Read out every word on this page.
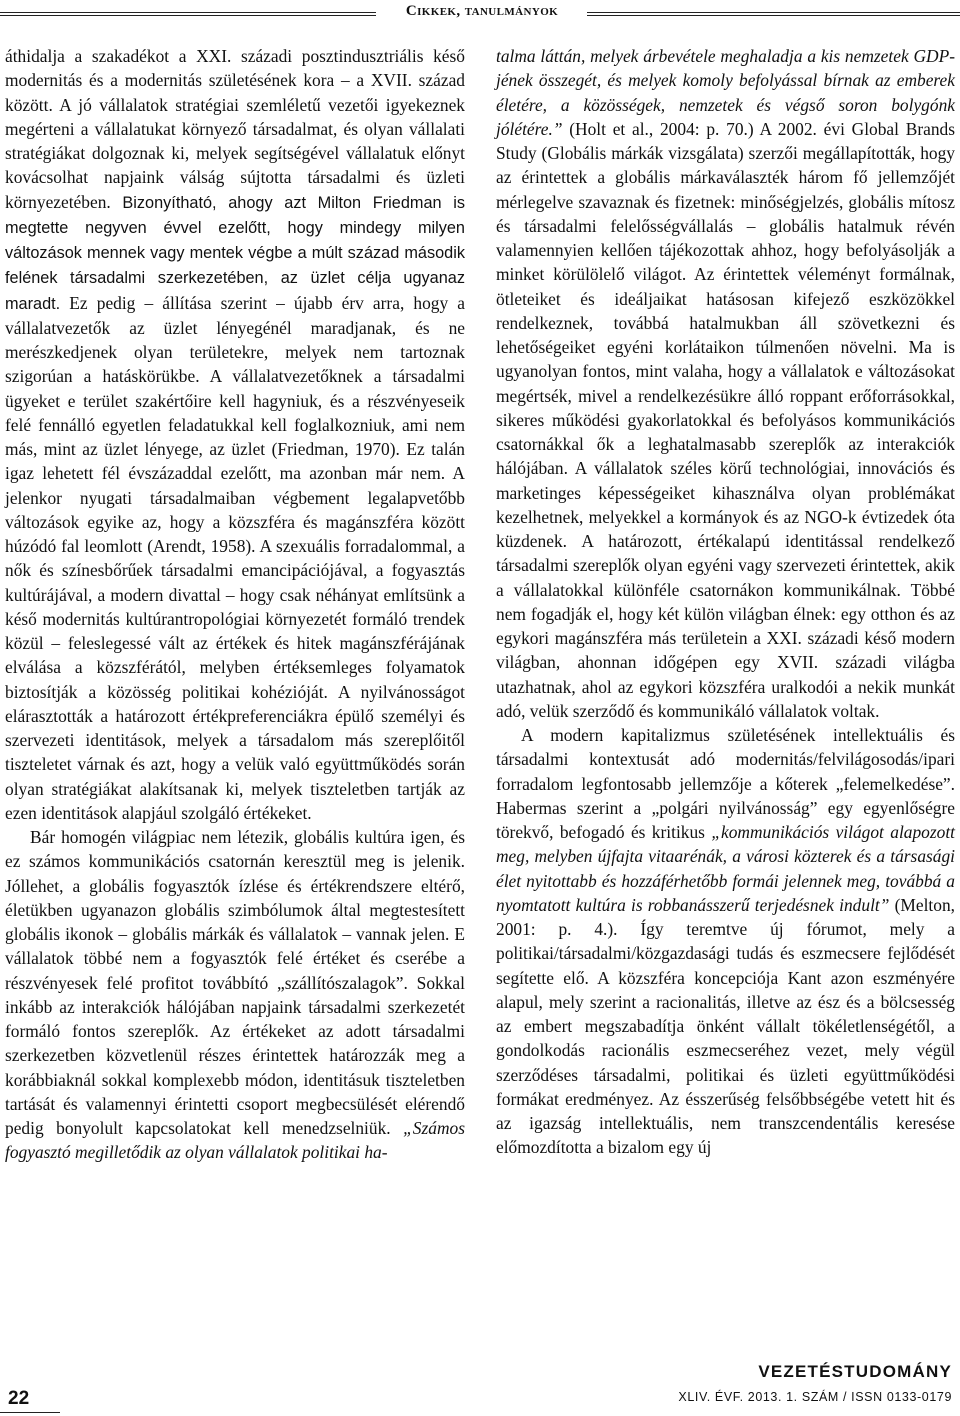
Cikkek, tanulmányok

áthidalja a szakadékot a XXI. századi posztindusztriális késő modernitás és a modernitás születésének kora – a XVII. század között. A jó vállalatok stratégiai szemléletű vezetői igyekeznek megérteni a vállalatukat környező társadalmat, és olyan vállalati stratégiákat dolgoznak ki, melyek segítségével vállalatuk előnyt kovácsolhat napjaink válság sújtotta társadalmi és üzleti környezetében. Bizonyítható, ahogy azt Milton Friedman is megtette negyven évvel ezelőtt, hogy mindegy milyen változások mennek vagy mentek végbe a múlt század második felének társadalmi szerkezetében, az üzlet célja ugyanaz maradt. Ez pedig – állítása szerint – újabb érv arra, hogy a vállalatvezetők az üzlet lényegénél maradjanak, és ne merészkedjenek olyan területekre, melyek nem tartoznak szigorúan a hatáskörükbe. A vállalatvezetőknek a társadalmi ügyeket e terület szakértőire kell hagyniuk, és a részvényeseik felé fennálló egyetlen feladatukkal kell foglalkozniuk, ami nem más, mint az üzlet lényege, az üzlet (Friedman, 1970). Ez talán igaz lehetett fél évszázaddal ezelőtt, ma azonban már nem. A jelenkor nyugati társadalmaiban végbement legalapvetőbb változások egyike az, hogy a közszféra és magánszféra között húzódó fal leomlott (Arendt, 1958). A szexuális forradalommal, a nők és színesbőrűek társadalmi emancipációjával, a fogyasztás kultúrájával, a modern divattal – hogy csak néhányat említsünk a késő modernitás kultúrantropológiai környezetét formáló trendek közül – feleslegessé vált az értékek és hitek magánszférájának elválása a közszférától, melyben értéksemleges folyamatok biztosítják a közösség politikai kohézióját. A nyilvánosságot elárasztották a határozott értékpreferenciákra épülő személyi és szervezeti identitások, melyek a társadalom más szereplőitől tiszteletet várnak és azt, hogy a velük való együttműködés során olyan stratégiákat alakítsanak ki, melyek tiszteletben tartják az ezen identitások alapjául szolgáló értékeket.

Bár homogén világpiac nem létezik, globális kultúra igen, és ez számos kommunikációs csatornán keresztül meg is jelenik. Jóllehet, a globális fogyasztók ízlése és értékrendszere eltérő, életükben ugyanazon globális szimbólumok által megtestesített globális ikonok – globális márkák és vállalatok – vannak jelen. E vállalatok többé nem a fogyasztók felé értéket és cserébe a részvényesek felé profitot továbbító „szállítószalagok”. Sokkal inkább az interakciók hálójában napjaink társadalmi szerkezetét formáló fontos szereplők. Az értékeket az adott társadalmi szerkezetben közvetlenül részes érintettek határozzák meg a korábbiaknál sokkal komplexebb módon, identitásuk tiszteletben tartását és valamennyi érintetti csoport megbecsülését elérendő pedig bonyolult kapcsolatokat kell menedzselniük. „Számos fogyasztó megilletődik az olyan vállalatok politikai ha-

talma láttán, melyek árbevétele meghaladja a kis nemzetek GDP-jének összegét, és melyek komoly befolyással bírnak az emberek életére, a közösségek, nemzetek és végső soron bolygónk jólétére.” (Holt et al., 2004: p. 70.) A 2002. évi Global Brands Study (Globális márkák vizsgálata) szerzői megállapították, hogy az érintettek a globális márkaválaszték három fő jellemzőjét mérlegelve szavaznak és fizetnek: minőségjelzés, globális mítosz és társadalmi felelősségvállalás – globális hatalmuk révén valamennyien kellően tájékozottak ahhoz, hogy befolyásolják a minket körülölelő világot. Az érintettek véleményt formálnak, ötleteiket és ideáljaikat hatásosan kifejező eszközökkel rendelkeznek, továbbá hatalmukban áll szövetkezni és lehetőségeiket egyéni korlátaikon túlmenően növelni. Ma is ugyanolyan fontos, mint valaha, hogy a vállalatok e változásokat megértsék, mivel a rendelkezésükre álló roppant erőforrásokkal, sikeres működési gyakorlatokkal és befolyásos kommunikációs csatornákkal ők a leghatalmasabb szereplők az interakciók hálójában. A vállalatok széles körű technológiai, innovációs és marketinges képességeiket kihasználva olyan problémákat kezelhetnek, melyekkel a kormányok és az NGO-k évtizedek óta küzdenek. A határozott, értékalapú identitással rendelkező társadalmi szereplők olyan egyéni vagy szervezeti érintettek, akik a vállalatokkal különféle csatornákon kommunikálnak. Többé nem fogadják el, hogy két külön világban élnek: egy otthon és az egykori magánszféra más területein a XXI. századi késő modern világban, ahonnan időgépen egy XVII. századi világba utazhatnak, ahol az egykori közszféra uralkodói a nekik munkát adó, velük szerződő és kommunikáló vállalatok voltak.

A modern kapitalizmus születésének intellektuális és társadalmi kontextusát adó modernitás/felvilágosodás/ipari forradalom legfontosabb jellemzője a kőterek „felemelkedése”. Habermas szerint a „polgári nyilvánosság” egy egyenlőségre törekvő, befogadó és kritikus „kommunikációs világot alapozott meg, melyben újfajta vitaarénák, a városi közterek és a társasági élet nyitottabb és hozzáférhetőbb formái jelennek meg, továbbá a nyomtatott kultúra is robbanásszerű terjedésnek indult” (Melton, 2001: p. 4.). Így teremtve új fórumot, mely a politikai/társadalmi/közgazdasági tudás és eszmecsere fejlődését segítette elő. A közszféra koncepciója Kant azon eszményére alapul, mely szerint a racionalitás, illetve az ész és a bölcsesség az embert megszabadítja önként vállalt tökéletlenségétől, a gondolkodás racionális eszmecseréhez vezet, mely végül szerződéses társadalmi, politikai és üzleti együttműködési formákat eredményez. Az ésszerűség felsőbbségébe vetett hit és az igazság intellektuális, nem transzcendentális keresése előmozdította a bizalom egy új

22
VEZETÉSTUDOMÁNY
XLIV. ÉVF. 2013. 1. SZÁM / ISSN 0133-0179
